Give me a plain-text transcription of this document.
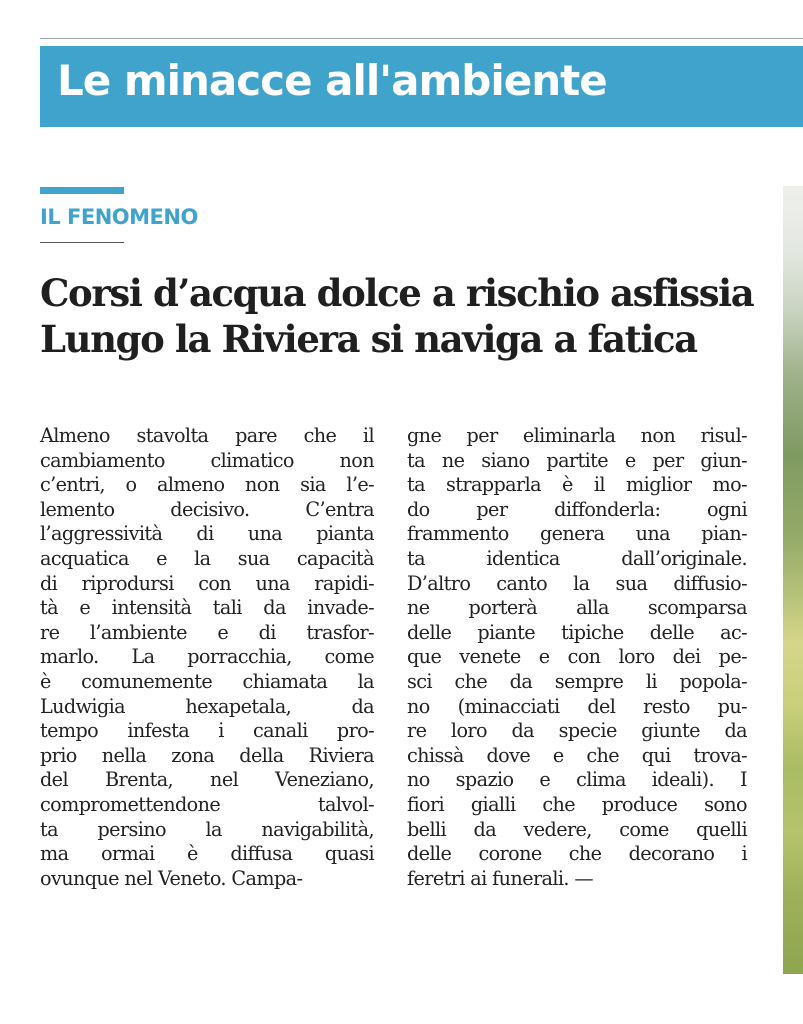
Le minacce all'ambiente
IL FENOMENO
Corsi d’acqua dolce a rischio asfissia
Lungo la Riviera si naviga a fatica
Almeno stavolta pare che il
cambiamento climatico non
c’entri, o almeno non sia l’e-
lemento decisivo. C’entra
l’aggressività di una pianta
acquatica e la sua capacità
di riprodursi con una rapidi-
tà e intensità tali da invade-
re l’ambiente e di trasfor-
marlo. La porracchia, come
è comunemente chiamata la
Ludwigia hexapetala, da
tempo infesta i canali pro-
prio nella zona della Riviera
del Brenta, nel Veneziano,
compromettendone talvol-
ta persino la navigabilità,
ma ormai è diffusa quasi
ovunque nel Veneto. Campa-
gne per eliminarla non risul-
ta ne siano partite e per giun-
ta strapparla è il miglior mo-
do per diffonderla: ogni
frammento genera una pian-
ta identica dall’originale.
D’altro canto la sua diffusio-
ne porterà alla scomparsa
delle piante tipiche delle ac-
que venete e con loro dei pe-
sci che da sempre li popola-
no (minacciati del resto pu-
re loro da specie giunte da
chissà dove e che qui trova-
no spazio e clima ideali). I
fiori gialli che produce sono
belli da vedere, come quelli
delle corone che decorano i
feretri ai funerali. —
